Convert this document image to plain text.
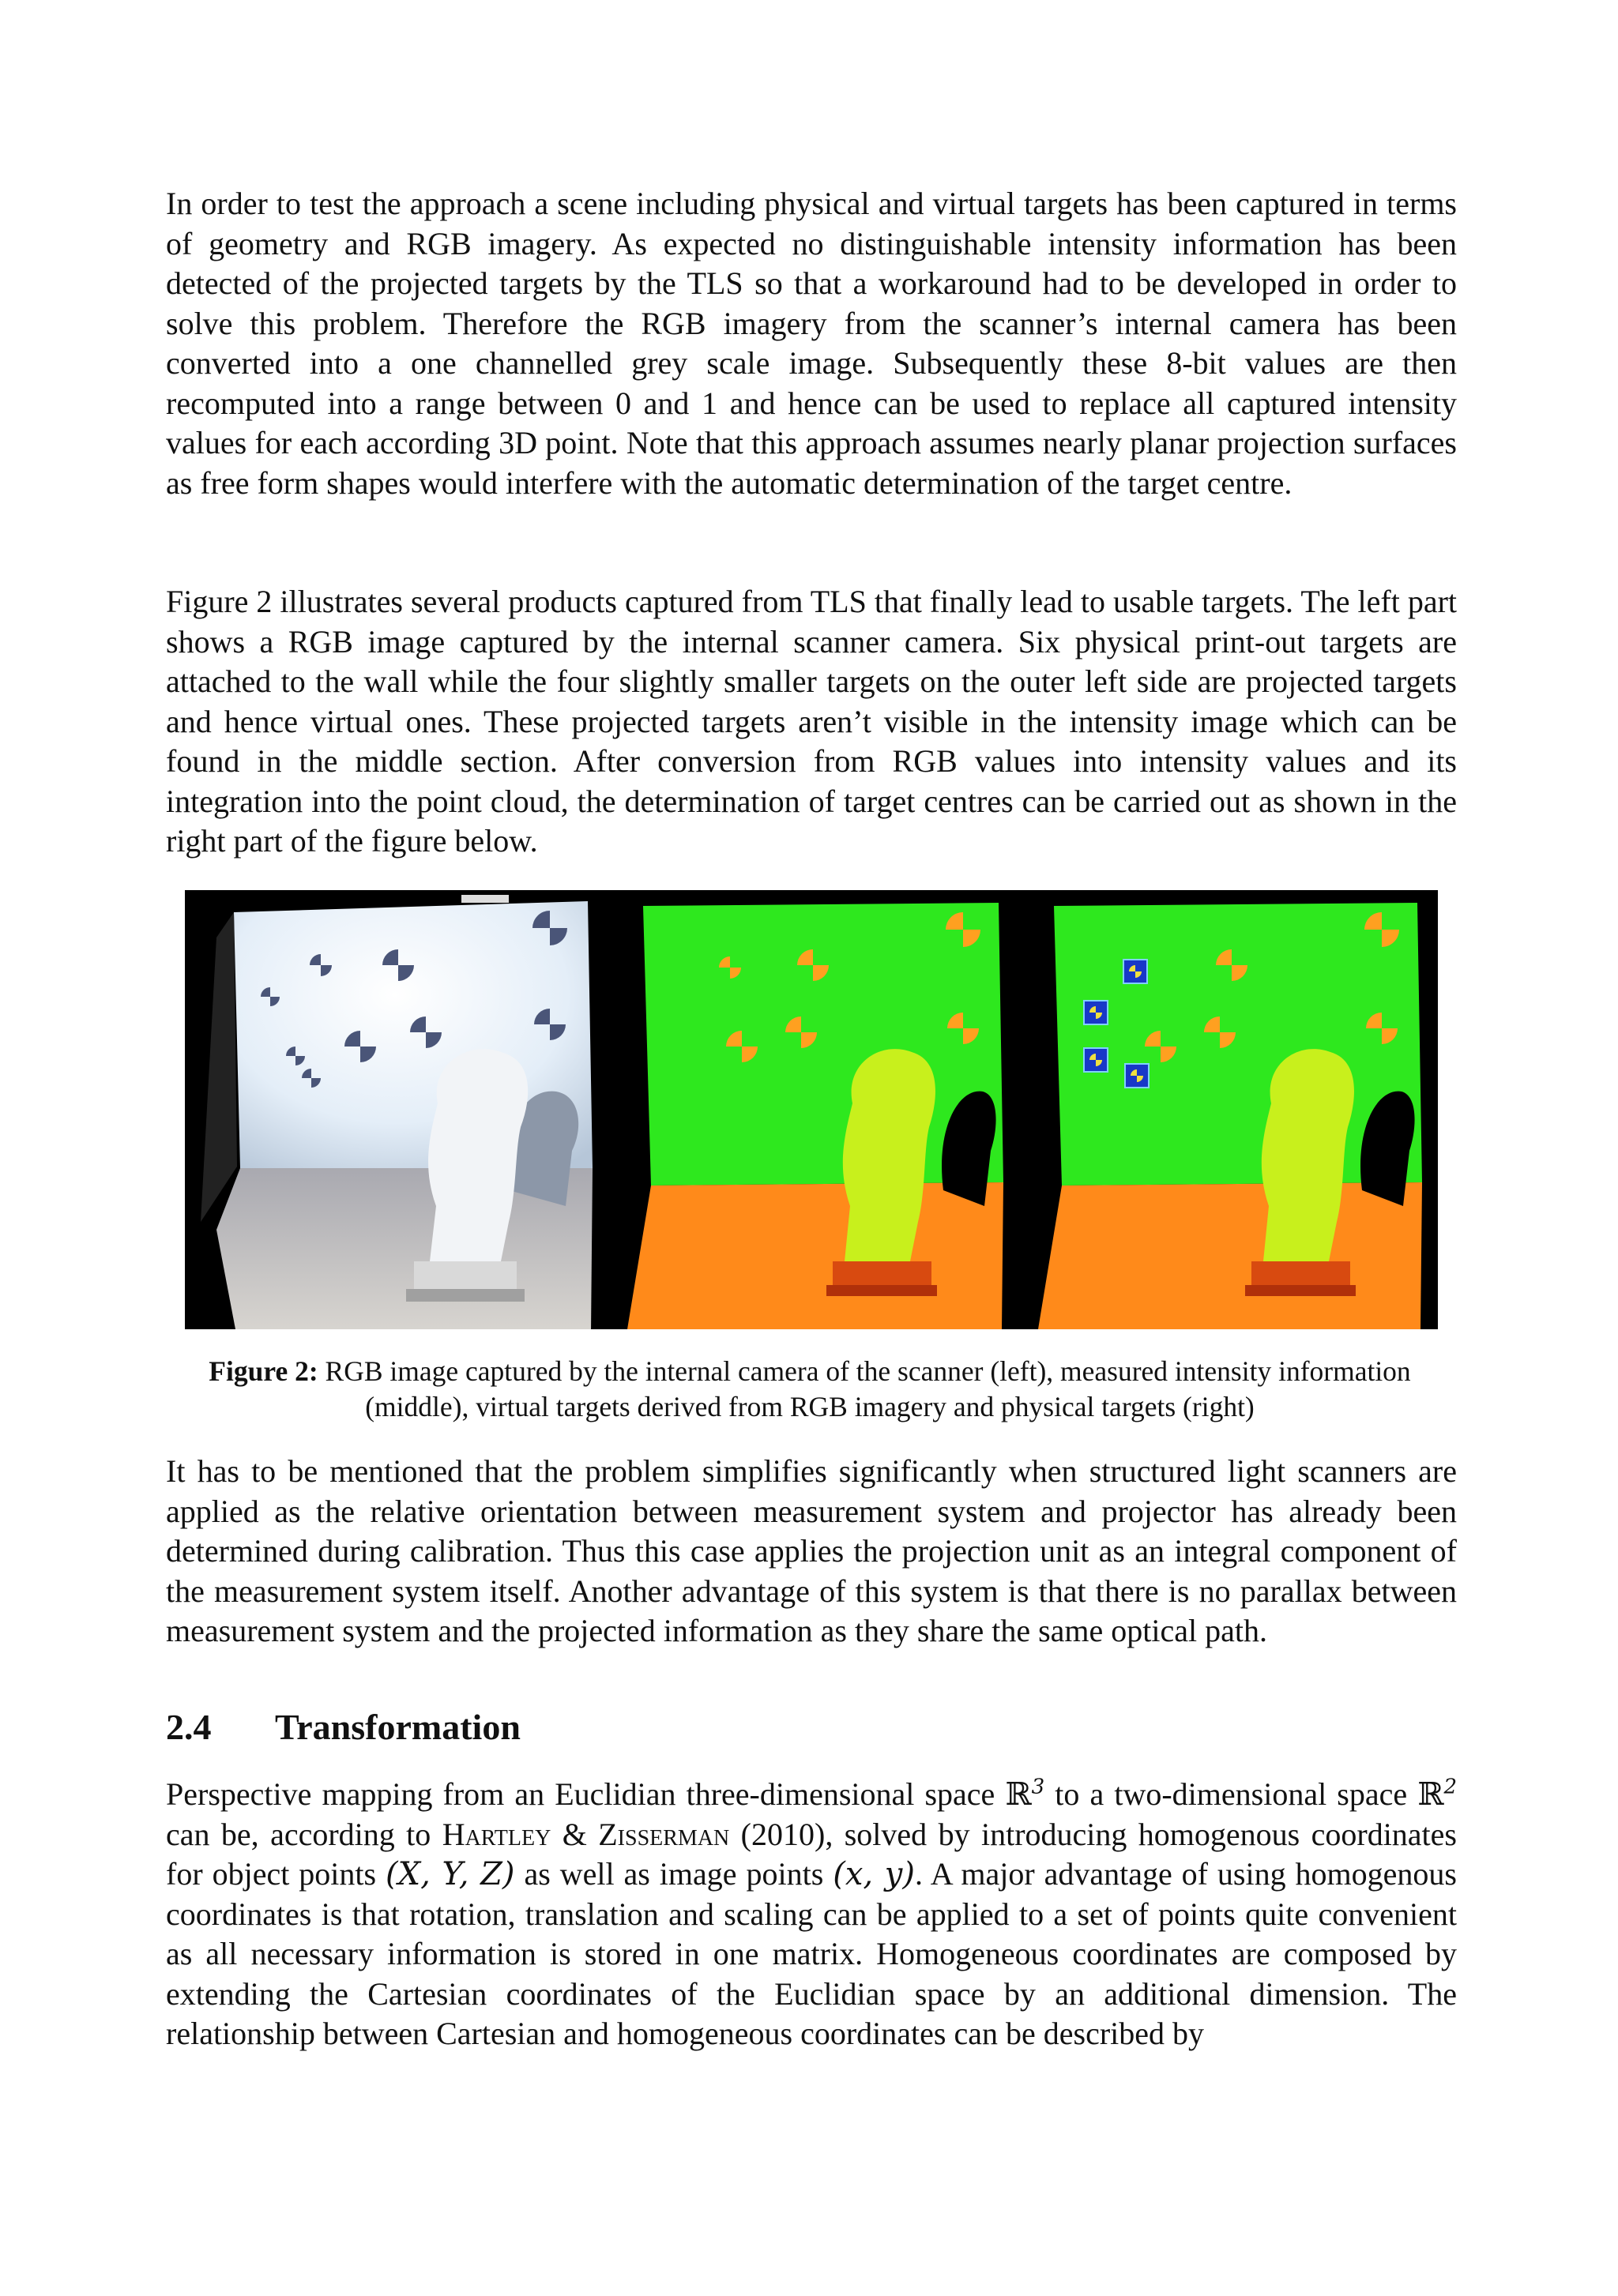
In order to test the approach a scene including physical and virtual targets has been captured in terms of geometry and RGB imagery. As expected no distinguishable intensity information has been detected of the projected targets by the TLS so that a workaround had to be developed in order to solve this problem. Therefore the RGB imagery from the scanner’s internal camera has been converted into a one channelled grey scale image. Subsequently these 8-bit values are then recomputed into a range between 0 and 1 and hence can be used to replace all captured intensity values for each according 3D point. Note that this approach assumes nearly planar projection surfaces as free form shapes would interfere with the automatic determination of the target centre.

Figure 2 illustrates several products captured from TLS that finally lead to usable targets. The left part shows a RGB image captured by the internal scanner camera. Six physical print-out targets are attached to the wall while the four slightly smaller targets on the outer left side are projected targets and hence virtual ones. These projected targets aren’t visible in the intensity image which can be found in the middle section. After conversion from RGB values into intensity values and its integration into the point cloud, the determination of target centres can be carried out as shown in the right part of the figure below.

Figure 2: RGB image captured by the internal camera of the scanner (left), measured intensity information (middle), virtual targets derived from RGB imagery and physical targets (right)

It has to be mentioned that the problem simplifies significantly when structured light scanners are applied as the relative orientation between measurement system and projector has already been determined during calibration. Thus this case applies the projection unit as an integral component of the measurement system itself. Another advantage of this system is that there is no parallax between measurement system and the projected information as they share the same optical path.

2.4 Transformation

Perspective mapping from an Euclidian three-dimensional space ℝ$^3$ to a two-dimensional space ℝ$^2$ can be, according to Hartley & Zisserman (2010), solved by introducing homogenous coordinates for object points (X, Y, Z) as well as image points (x, y). A major advantage of using homogenous coordinates is that rotation, translation and scaling can be applied to a set of points quite convenient as all necessary information is stored in one matrix. Homogeneous coordinates are composed by extending the Cartesian coordinates of the Euclidian space by an additional dimension. The relationship between Cartesian and homogeneous coordinates can be described by
